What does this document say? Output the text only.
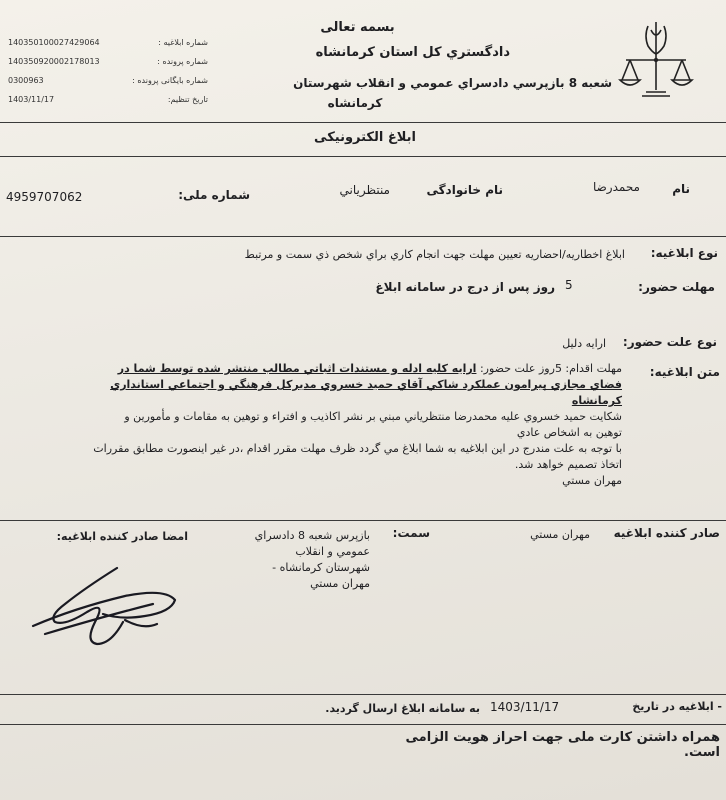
بسمه تعالی
دادگستري کل استان کرمانشاه
شعبه 8 بازپرسي دادسراي عمومي و انقلاب شهرستان
کرمانشاه
140350100027429064	شماره ابلاغیه :
140350920002178013	شماره پرونده :
0300963	شماره بایگانی پرونده :
1403/11/17	تاریخ تنظیم:
ابلاغ الکترونیکی
نام
محمدرضا
نام خانوادگی
منتظرياني
شماره ملی:
4959707062
نوع ابلاغیه:
ابلاغ اخطاريه/احضاريه تعيين مهلت جهت انجام کاري براي شخص ذي سمت و مرتبط
مهلت حضور:
5
روز پس از درج در سامانه ابلاغ
نوع علت حضور:
ارايه دليل
متن ابلاغیه:
مهلت اقدام: 5روز علت حضور: ارايه کليه ادله و مستندات اثباتي مطالب منتشر شده توسط شما در
فضاي مجازي پيرامون عملکرد شاکي آقاي حميد خسروي مديرکل فرهنگي و اجتماعي استانداري
کرمانشاه
شکايت حميد خسروي عليه محمدرضا منتظرياني مبني بر نشر اکاذيب و افتراء و توهين به مقامات و مأمورين و
توهين به اشخاص عادي
با توجه به علت مندرج در اين ابلاغيه به شما ابلاغ مي گردد ظرف مهلت مقرر اقدام ،در غير اينصورت مطابق مقررات
اتخاذ تصميم خواهد شد.
مهران مستي
صادر کننده ابلاغیه
مهران مستي
سمت:
بازپرس شعبه 8 دادسراي
عمومي و انقلاب
شهرستان کرمانشاه -
مهران مستي
امضا صادر کننده ابلاغیه:
- ابلاغیه در تاریخ
1403/11/17
به سامانه ابلاغ ارسال گردید.
همراه داشتن کارت ملی جهت احراز هويت الزامی است.
